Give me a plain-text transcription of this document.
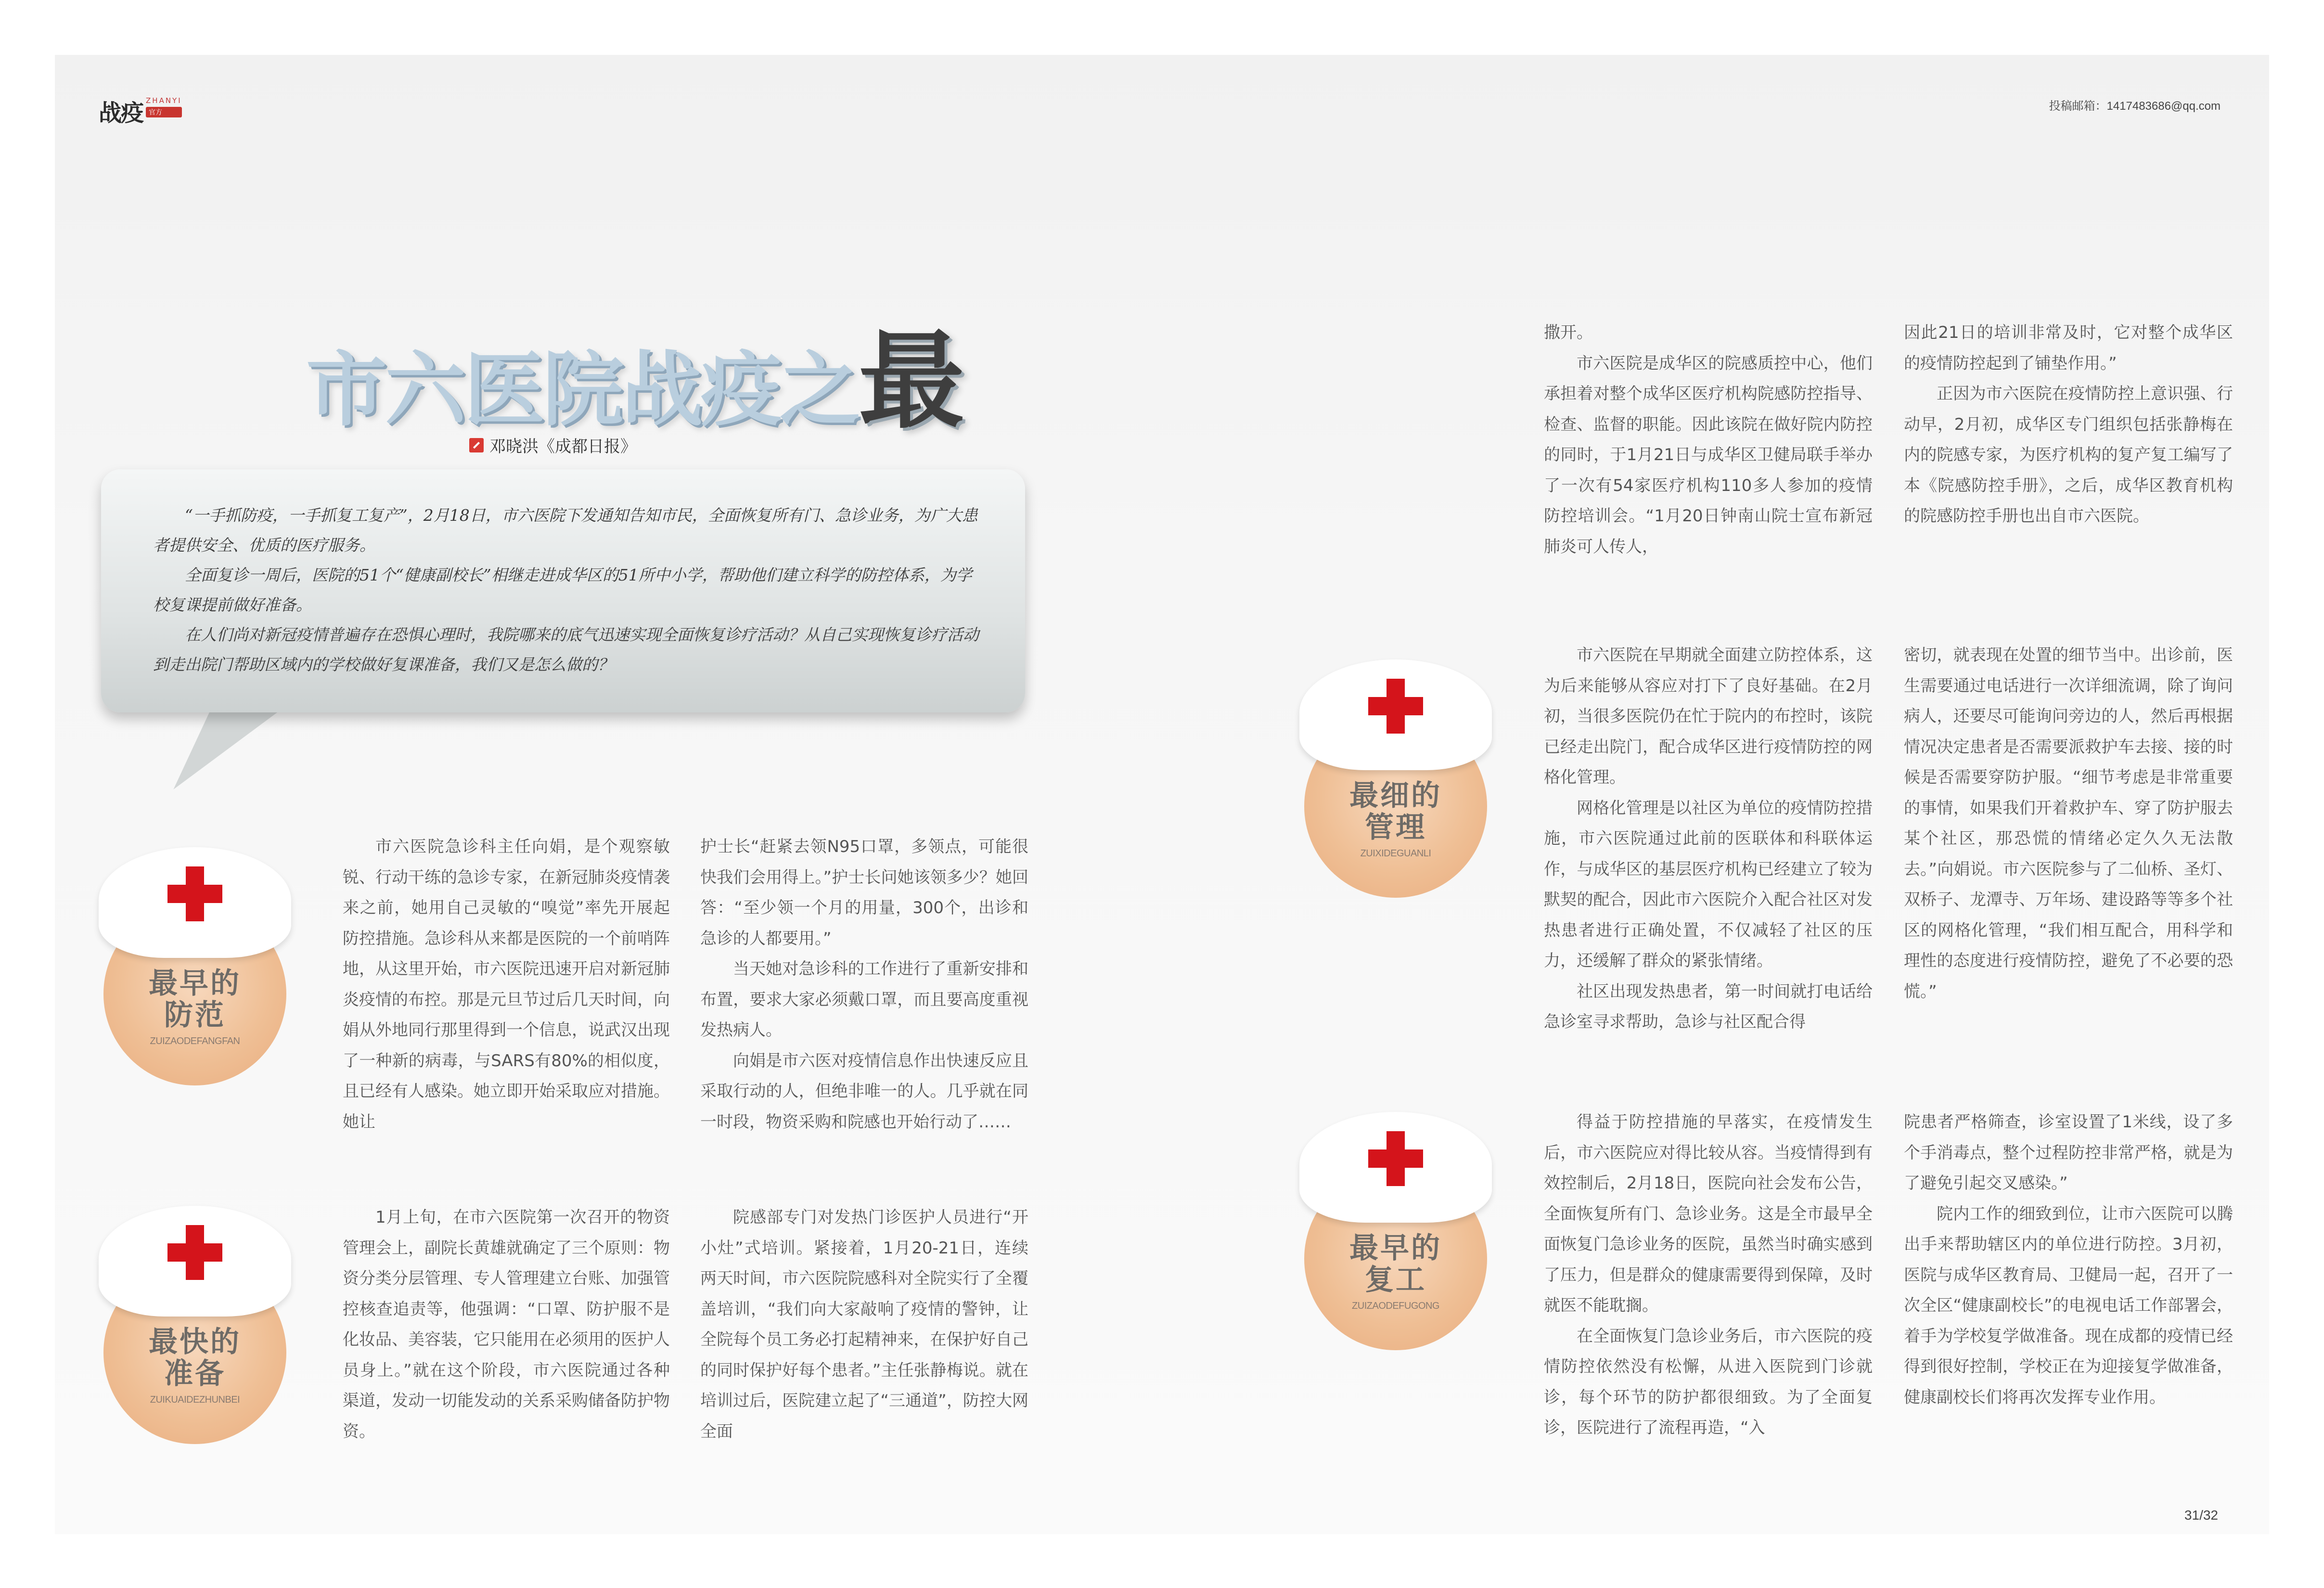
战疫 ZHANYI
官方	投稿邮箱：1417483686@qq.com
市六医院战疫之最
邓晓洪《成都日报》

“一手抓防疫，一手抓复工复产”，2月18日，市六医院下发通知告知市民，全面恢复所有门、急诊业务，为广大患者提供安全、优质的医疗服务。

全面复诊一周后，医院的51个“健康副校长”相继走进成华区的51所中小学，帮助他们建立科学的防控体系，为学校复课提前做好准备。

在人们尚对新冠疫情普遍存在恐惧心理时，我院哪来的底气迅速实现全面恢复诊疗活动？从自己实现恢复诊疗活动到走出院门帮助区域内的学校做好复课准备，我们又是怎么做的？

最早的
防范
ZUIZAODEFANGFAN
最快的
准备
ZUIKUAIDEZHUNBEI
最细的
管理
ZUIXIDEGUANLI
最早的
复工
ZUIZAODEFUGONG

市六医院急诊科主任向娟，是个观察敏锐、行动干练的急诊专家，在新冠肺炎疫情袭来之前，她用自己灵敏的“嗅觉”率先开展起防控措施。急诊科从来都是医院的一个前哨阵地，从这里开始，市六医院迅速开启对新冠肺炎疫情的布控。那是元旦节过后几天时间，向娟从外地同行那里得到一个信息，说武汉出现了一种新的病毒，与SARS有80%的相似度，且已经有人感染。她立即开始采取应对措施。她让

护士长“赶紧去领N95口罩，多领点，可能很快我们会用得上。”护士长问她该领多少？她回答：“至少领一个月的用量，300个，出诊和急诊的人都要用。”

当天她对急诊科的工作进行了重新安排和布置，要求大家必须戴口罩，而且要高度重视发热病人。

向娟是市六医对疫情信息作出快速反应且采取行动的人，但绝非唯一的人。几乎就在同一时段，物资采购和院感也开始行动了……

1月上旬，在市六医院第一次召开的物资管理会上，副院长黄雄就确定了三个原则：物资分类分层管理、专人管理建立台账、加强管控核查追责等，他强调：“口罩、防护服不是化妆品、美容装，它只能用在必须用的医护人员身上。”就在这个阶段，市六医院通过各种渠道，发动一切能发动的关系采购储备防护物资。

院感部专门对发热门诊医护人员进行“开小灶”式培训。紧接着，1月20-21日，连续两天时间，市六医院院感科对全院实行了全覆盖培训，“我们向大家敲响了疫情的警钟，让全院每个员工务必打起精神来，在保护好自己的同时保护好每个患者。”主任张静梅说。就在培训过后，医院建立起了“三通道”，防控大网全面

撒开。

市六医院是成华区的院感质控中心，他们承担着对整个成华区医疗机构院感防控指导、检查、监督的职能。因此该院在做好院内防控的同时，于1月21日与成华区卫健局联手举办了一次有54家医疗机构110多人参加的疫情防控培训会。“1月20日钟南山院士宣布新冠肺炎可人传人，

因此21日的培训非常及时，它对整个成华区的疫情防控起到了铺垫作用。”

正因为市六医院在疫情防控上意识强、行动早，2月初，成华区专门组织包括张静梅在内的院感专家，为医疗机构的复产复工编写了本《院感防控手册》，之后，成华区教育机构的院感防控手册也出自市六医院。

市六医院在早期就全面建立防控体系，这为后来能够从容应对打下了良好基础。在2月初，当很多医院仍在忙于院内的布控时，该院已经走出院门，配合成华区进行疫情防控的网格化管理。

网格化管理是以社区为单位的疫情防控措施，市六医院通过此前的医联体和科联体运作，与成华区的基层医疗机构已经建立了较为默契的配合，因此市六医院介入配合社区对发热患者进行正确处置，不仅减轻了社区的压力，还缓解了群众的紧张情绪。

社区出现发热患者，第一时间就打电话给急诊室寻求帮助，急诊与社区配合得

密切，就表现在处置的细节当中。出诊前，医生需要通过电话进行一次详细流调，除了询问病人，还要尽可能询问旁边的人，然后再根据情况决定患者是否需要派救护车去接、接的时候是否需要穿防护服。“细节考虑是非常重要的事情，如果我们开着救护车、穿了防护服去某个社区，那恐慌的情绪必定久久无法散去。”向娟说。市六医院参与了二仙桥、圣灯、双桥子、龙潭寺、万年场、建设路等等多个社区的网格化管理，“我们相互配合，用科学和理性的态度进行疫情防控，避免了不必要的恐慌。”

得益于防控措施的早落实，在疫情发生后，市六医院应对得比较从容。当疫情得到有效控制后，2月18日，医院向社会发布公告，全面恢复所有门、急诊业务。这是全市最早全面恢复门急诊业务的医院，虽然当时确实感到了压力，但是群众的健康需要得到保障，及时就医不能耽搁。

在全面恢复门急诊业务后，市六医院的疫情防控依然没有松懈，从进入医院到门诊就诊，每个环节的防护都很细致。为了全面复诊，医院进行了流程再造，“入

院患者严格筛查，诊室设置了1米线，设了多个手消毒点，整个过程防控非常严格，就是为了避免引起交叉感染。”

院内工作的细致到位，让市六医院可以腾出手来帮助辖区内的单位进行防控。3月初，医院与成华区教育局、卫健局一起，召开了一次全区“健康副校长”的电视电话工作部署会，着手为学校复学做准备。现在成都的疫情已经得到很好控制，学校正在为迎接复学做准备，健康副校长们将再次发挥专业作用。

31/32
